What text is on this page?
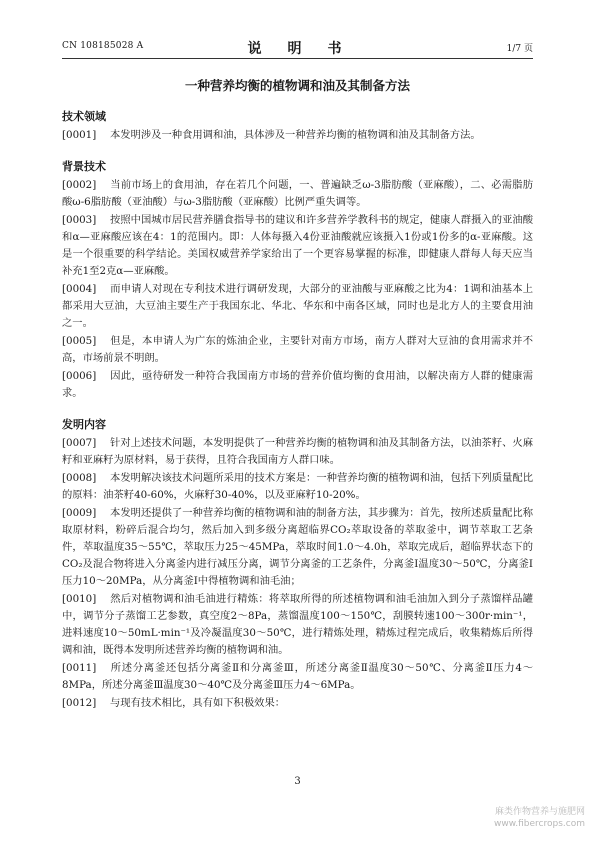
CN 108185028 A	说　明　书	1/7 页
一种营养均衡的植物调和油及其制备方法
技术领域
[0001] 本发明涉及一种食用调和油，具体涉及一种营养均衡的植物调和油及其制备方法。
背景技术
[0002] 当前市场上的食用油，存在若几个问题，一、普遍缺乏ω-3脂肪酸（亚麻酸），二、必需脂肪酸ω-6脂肪酸（亚油酸）与ω-3脂肪酸（亚麻酸）比例严重失调等。
[0003] 按照中国城市居民营养膳食指导书的建议和许多营养学教科书的规定，健康人群摄入的亚油酸和α—亚麻酸应该在4：1的范围内。即：人体每摄入4份亚油酸就应该摄入1份或1份多的α-亚麻酸。这是一个很重要的科学结论。美国权威营养学家给出了一个更容易掌握的标准，即健康人群每人每天应当补充1至2克α—亚麻酸。
[0004] 而申请人对现在专利技术进行调研发现，大部分的亚油酸与亚麻酸之比为4：1调和油基本上都采用大豆油，大豆油主要生产于我国东北、华北、华东和中南各区域，同时也是北方人的主要食用油之一。
[0005] 但是，本申请人为广东的炼油企业，主要针对南方市场，南方人群对大豆油的食用需求并不高，市场前景不明朗。
[0006] 因此，亟待研发一种符合我国南方市场的营养价值均衡的食用油，以解决南方人群的健康需求。
发明内容
[0007] 针对上述技术问题，本发明提供了一种营养均衡的植物调和油及其制备方法，以油茶籽、火麻籽和亚麻籽为原材料，易于获得，且符合我国南方人群口味。
[0008] 本发明解决该技术问题所采用的技术方案是：一种营养均衡的植物调和油，包括下列质量配比的原料：油茶籽40-60%，火麻籽30-40%，以及亚麻籽10-20%。
[0009] 本发明还提供了一种营养均衡的植物调和油的制备方法，其步骤为：首先，按所述质量配比称取原材料，粉碎后混合均匀，然后加入到多级分离超临界CO₂萃取设备的萃取釜中，调节萃取工艺条件，萃取温度35～55℃，萃取压力25～45MPa，萃取时间1.0～4.0h，萃取完成后，超临界状态下的CO₂及混合物将进入分离釜内进行减压分离，调节分离釜的工艺条件，分离釜Ⅰ温度30～50℃，分离釜Ⅰ压力10～20MPa，从分离釜Ⅰ中得植物调和油毛油；
[0010] 然后对植物调和油毛油进行精炼：将萃取所得的所述植物调和油毛油加入到分子蒸馏样品罐中，调节分子蒸馏工艺参数，真空度2～8Pa，蒸馏温度100～150℃，刮膜转速100～300r·min⁻¹，进料速度10～50mL·min⁻¹及冷凝温度30～50℃，进行精炼处理，精炼过程完成后，收集精炼后所得调和油，既得本发明所述营养均衡的植物调和油。
[0011] 所述分离釜还包括分离釜Ⅱ和分离釜Ⅲ，所述分离釜Ⅱ温度30～50℃、分离釜Ⅱ压力4～8MPa，所述分离釜Ⅲ温度30～40℃及分离釜Ⅲ压力4～6MPa。
[0012] 与现有技术相比，具有如下积极效果：
3
麻类作物营养与施肥网
www.fibercrops.com
